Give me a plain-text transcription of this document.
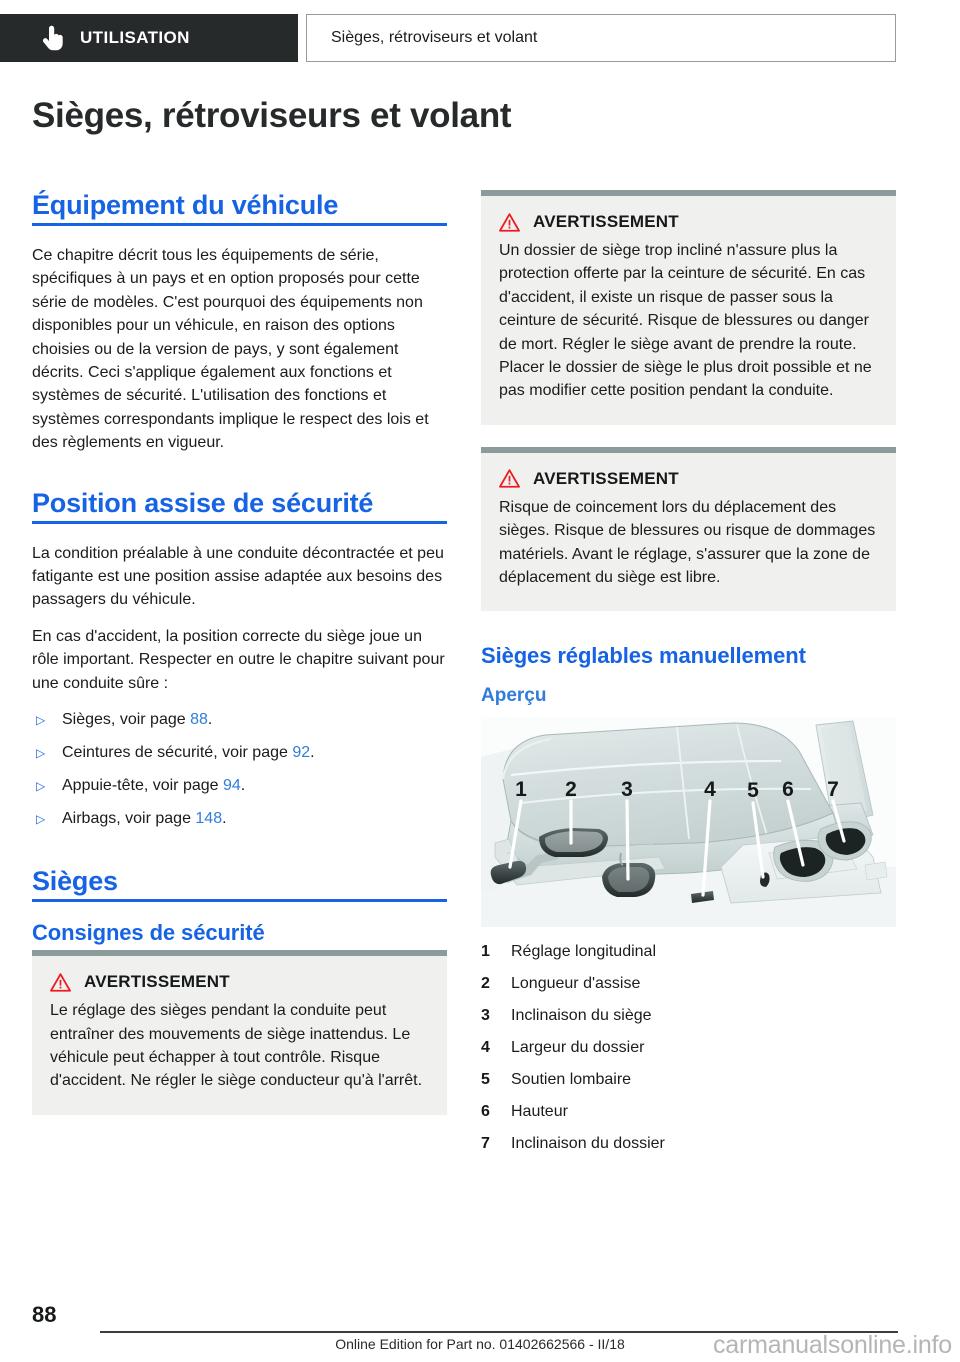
UTILISATION	Sièges, rétroviseurs et volant
Sièges, rétroviseurs et volant
Équipement du véhicule

Ce chapitre décrit tous les équipements de série, spécifiques à un pays et en option proposés pour cette série de modèles. C'est pourquoi des équipements non disponibles pour un véhicule, en raison des options choisies ou de la version de pays, y sont également décrits. Ceci s'applique également aux fonctions et systèmes de sécurité. L'utilisation des fonctions et systèmes correspondants implique le respect des lois et des règlements en vigueur.

Position assise de sécurité

La condition préalable à une conduite décontractée et peu fatigante est une position assise adaptée aux besoins des passagers du véhicule.

En cas d'accident, la position correcte du siège joue un rôle important. Respecter en outre le chapitre suivant pour une conduite sûre :

▷	Sièges, voir page 88.
▷	Ceintures de sécurité, voir page 92.
▷	Appuie-tête, voir page 94.
▷	Airbags, voir page 148.
Sièges
Consignes de sécurité
AVERTISSEMENT

Le réglage des sièges pendant la conduite peut entraîner des mouvements de siège inattendus. Le véhicule peut échapper à tout contrôle. Risque d'accident. Ne régler le siège conducteur qu'à l'arrêt.

AVERTISSEMENT

Un dossier de siège trop incliné n'assure plus la protection offerte par la ceinture de sécurité. En cas d'accident, il existe un risque de passer sous la ceinture de sécurité. Risque de blessures ou danger de mort. Régler le siège avant de prendre la route. Placer le dossier de siège le plus droit possible et ne pas modifier cette position pendant la conduite.

AVERTISSEMENT

Risque de coincement lors du déplacement des sièges. Risque de blessures ou risque de dommages matériels. Avant le réglage, s'assurer que la zone de déplacement du siège est libre.

Sièges réglables manuellement
Aperçu
1 2 3	4 5 6 7
1	Réglage longitudinal
2	Longueur d'assise
3	Inclinaison du siège
4	Largeur du dossier
5	Soutien lombaire
6	Hauteur
7	Inclinaison du dossier
88
Online Edition for Part no. 01402662566 - II/18	carmanualsonline.info
